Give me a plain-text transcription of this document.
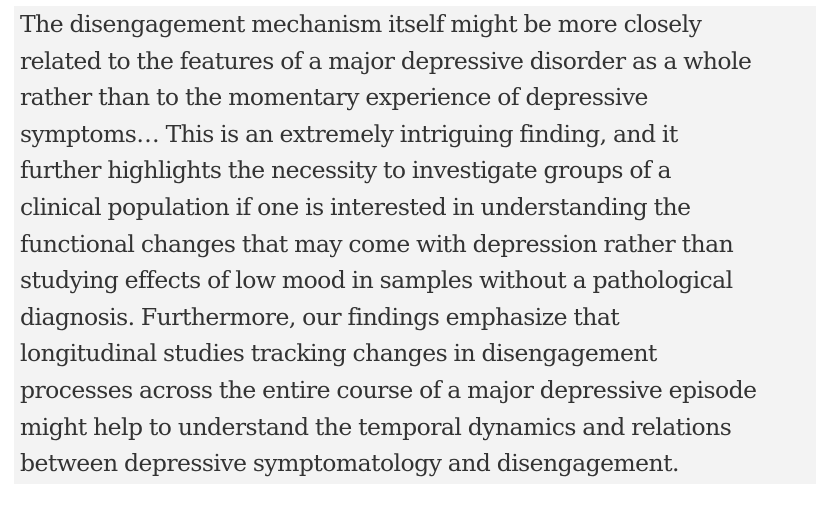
The disengagement mechanism itself might be more closely
related to the features of a major depressive disorder as a whole
rather than to the momentary experience of depressive
symptoms… This is an extremely intriguing finding, and it
further highlights the necessity to investigate groups of a
clinical population if one is interested in understanding the
functional changes that may come with depression rather than
studying effects of low mood in samples without a pathological
diagnosis. Furthermore, our findings emphasize that
longitudinal studies tracking changes in disengagement
processes across the entire course of a major depressive episode
might help to understand the temporal dynamics and relations
between depressive symptomatology and disengagement.
